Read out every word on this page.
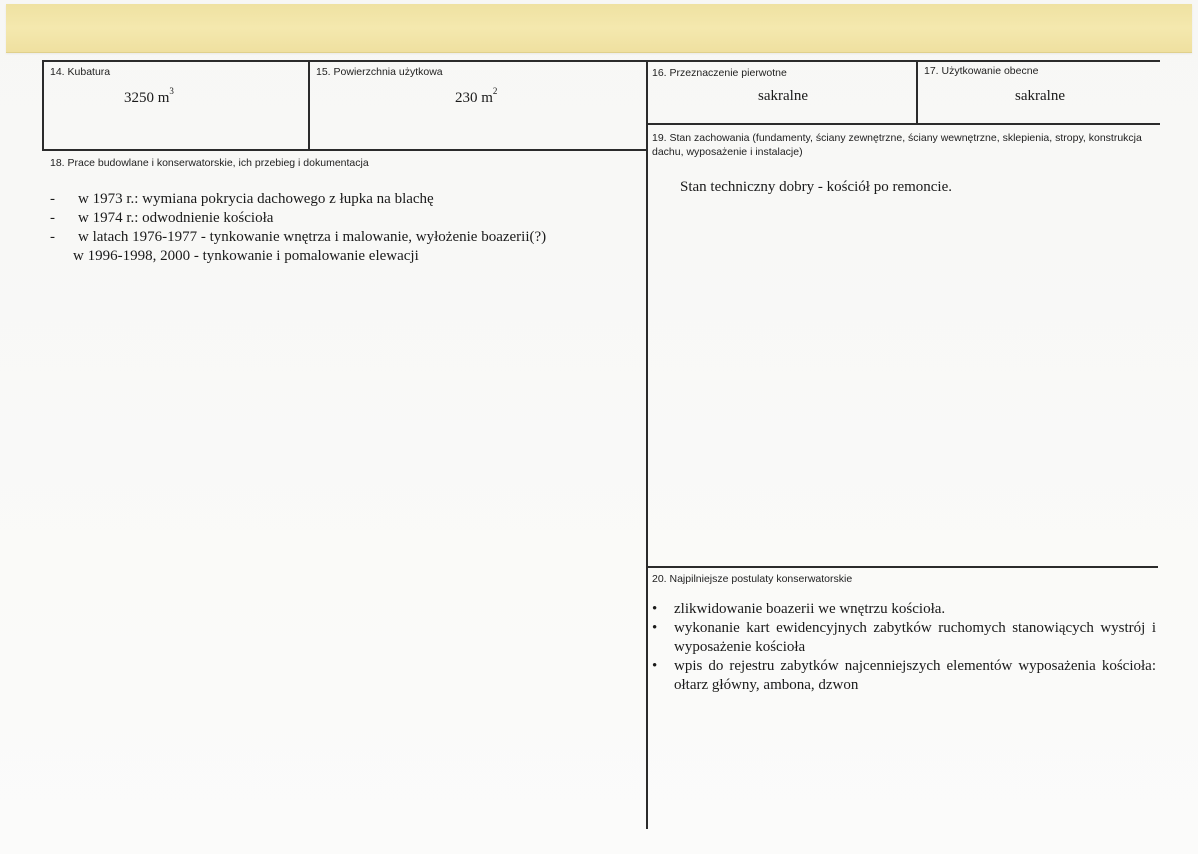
14. Kubatura
3250 $m^3$
15. Powierzchnia użytkowa
230 $m^2$
16. Przeznaczenie pierwotne
sakralne
17. Użytkowanie obecne
sakralne
19. Stan zachowania (fundamenty, ściany zewnętrzne, ściany wewnętrzne, sklepienia, stropy, konstrukcja dachu, wyposażenie i instalacje)
Stan techniczny dobry - kościół po remoncie.
18. Prace budowlane i konserwatorskie, ich przebieg i dokumentacja
- w 1973 r.: wymiana pokrycia dachowego z łupka na blachę
- w 1974 r.: odwodnienie kościoła
- w latach 1976-1977 - tynkowanie wnętrza i malowanie, wyłożenie boazerii(?)
w 1996-1998, 2000 - tynkowanie i pomalowanie elewacji
20. Najpilniejsze postulaty konserwatorskie
• zlikwidowanie boazerii we wnętrzu kościoła.
• wykonanie kart ewidencyjnych zabytków ruchomych stanowiących wystrój i wyposażenie kościoła
• wpis do rejestru zabytków najcenniejszych elementów wyposażenia kościoła: ołtarz główny, ambona, dzwon
